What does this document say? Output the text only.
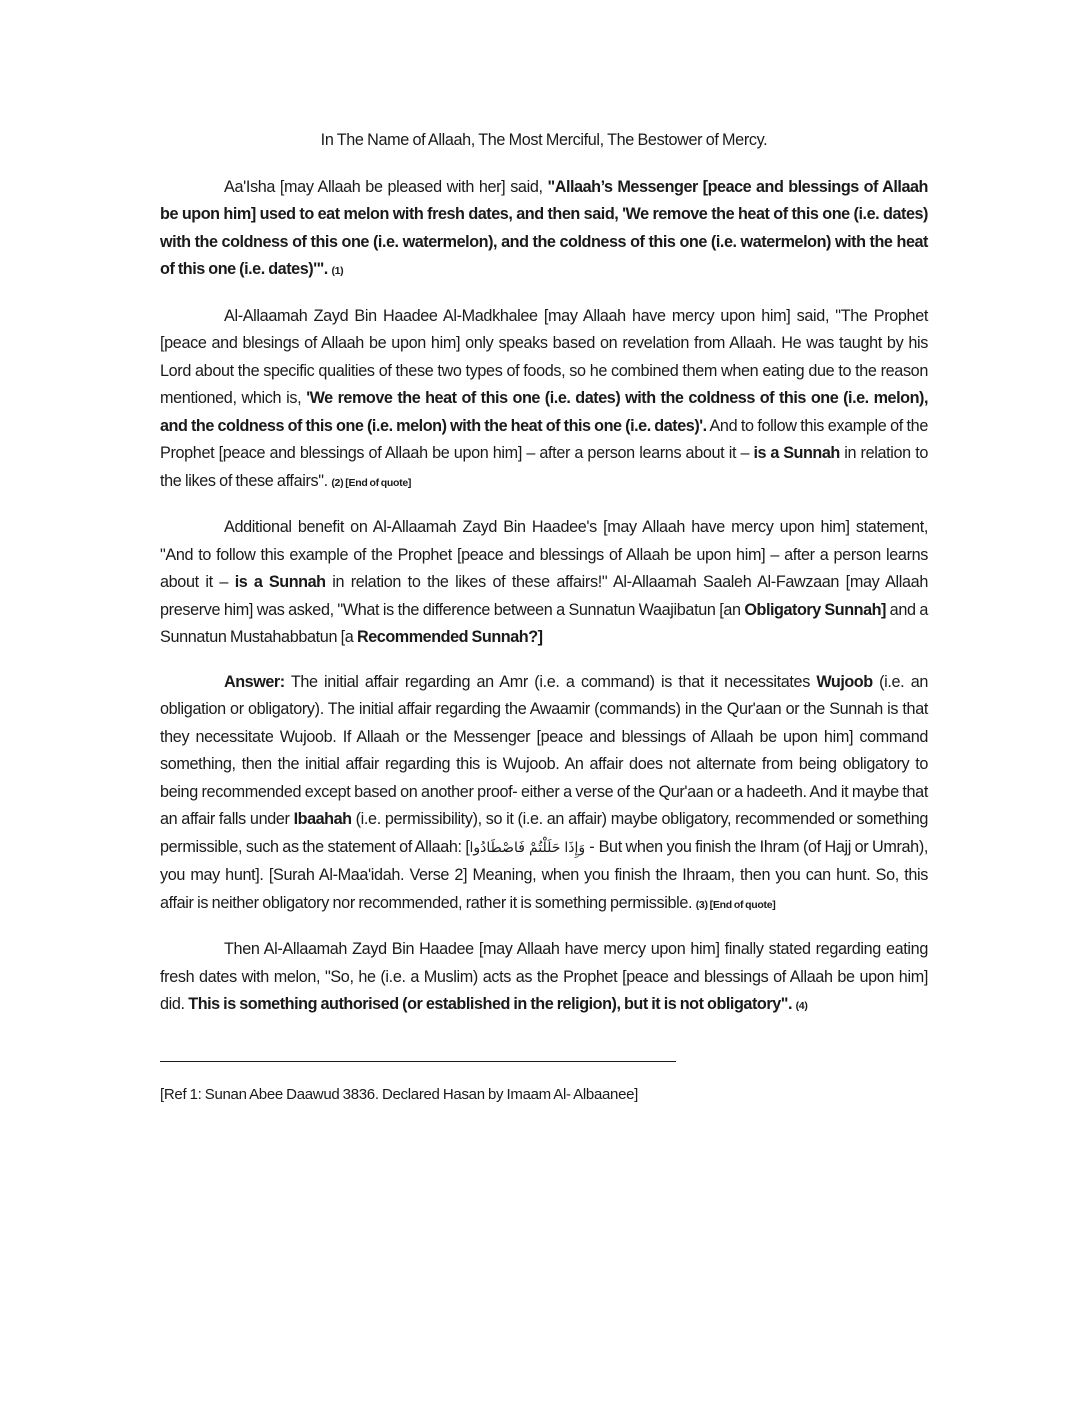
In The Name of Allaah, The Most Merciful, The Bestower of Mercy.

Aa'Isha [may Allaah be pleased with her] said, "Allaah’s Messenger [peace and blessings of Allaah be upon him] used to eat melon with fresh dates, and then said, 'We remove the heat of this one (i.e. dates) with the coldness of this one (i.e. watermelon), and the coldness of this one (i.e. watermelon) with the heat of this one (i.e. dates)'". (1)

Al-Allaamah Zayd Bin Haadee Al-Madkhalee [may Allaah have mercy upon him] said, "The Prophet [peace and blesings of Allaah be upon him] only speaks based on revelation from Allaah. He was taught by his Lord about the specific qualities of these two types of foods, so he combined them when eating due to the reason mentioned, which is, 'We remove the heat of this one (i.e. dates) with the coldness of this one (i.e. melon), and the coldness of this one (i.e. melon) with the heat of this one (i.e. dates)'. And to follow this example of the Prophet [peace and blessings of Allaah be upon him] – after a person learns about it – is a Sunnah in relation to the likes of these affairs". (2) [End of quote]

Additional benefit on Al-Allaamah Zayd Bin Haadee's [may Allaah have mercy upon him] statement, "And to follow this example of the Prophet [peace and blessings of Allaah be upon him] – after a person learns about it – is a Sunnah in relation to the likes of these affairs!" Al-Allaamah Saaleh Al-Fawzaan [may Allaah preserve him] was asked, "What is the difference between a Sunnatun Waajibatun [an Obligatory Sunnah] and a Sunnatun Mustahabbatun [a Recommended Sunnah?]

Answer: The initial affair regarding an Amr (i.e. a command) is that it necessitates Wujoob (i.e. an obligation or obligatory). The initial affair regarding the Awaamir (commands) in the Qur'aan or the Sunnah is that they necessitate Wujoob. If Allaah or the Messenger [peace and blessings of Allaah be upon him] command something, then the initial affair regarding this is Wujoob. An affair does not alternate from being obligatory to being recommended except based on another proof- either a verse of the Qur'aan or a hadeeth. And it maybe that an affair falls under Ibaahah (i.e. permissibility), so it (i.e. an affair) maybe obligatory, recommended or something permissible, such as the statement of Allaah: [وَإِذَا حَلَلْتُمْ فَاصْطَادُوا - But when you finish the Ihram (of Hajj or Umrah), you may hunt]. [Surah Al-Maa'idah. Verse 2] Meaning, when you finish the Ihraam, then you can hunt. So, this affair is neither obligatory nor recommended, rather it is something permissible. (3) [End of quote]

Then Al-Allaamah Zayd Bin Haadee [may Allaah have mercy upon him] finally stated regarding eating fresh dates with melon, "So, he (i.e. a Muslim) acts as the Prophet [peace and blessings of Allaah be upon him] did. This is something authorised (or established in the religion), but it is not obligatory". (4)

[Ref 1: Sunan Abee Daawud 3836. Declared Hasan by Imaam Al- Albaanee]
